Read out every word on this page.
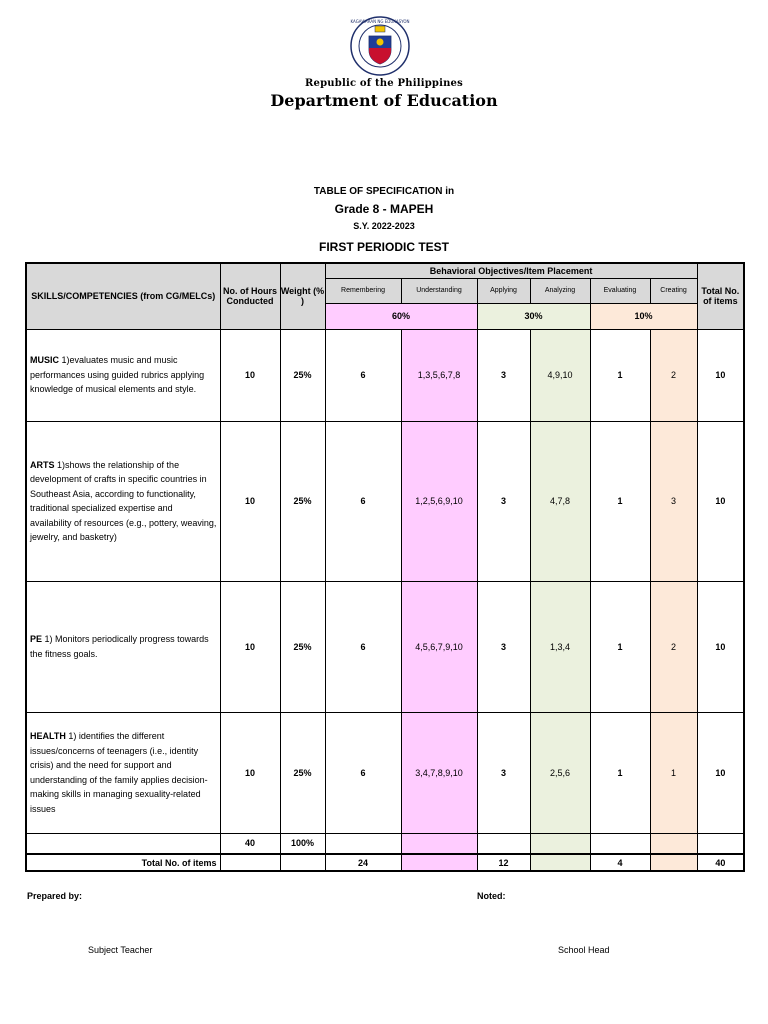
KAGAWARAN NG EDUKASYON
Republic of the Philippines
Department of Education
TABLE OF SPECIFICATION in
Grade 8 - MAPEH
S.Y. 2022-2023
FIRST PERIODIC TEST
SKILLS/COMPETENCIES (from CG/MELCs)	No. of Hours Conducted	Weight (% )	Behavioral Objectives/Item Placement						Total No. of items
			Remembering	Understanding	Applying	Analyzing	Evaluating	Creating	
			60%		30%		10%		
MUSIC 1)evaluates music and music performances using guided rubrics applying knowledge of musical elements and style.	10	25%	6	1,3,5,6,7,8	3	4,9,10	1	2	10
ARTS 1)shows the relationship of the development of crafts in specific countries in Southeast Asia, according to functionality, traditional specialized expertise and availability of resources (e.g., pottery, weaving, jewelry, and basketry)	10	25%	6	1,2,5,6,9,10	3	4,7,8	1	3	10
PE 1) Monitors periodically progress towards the fitness goals.	10	25%	6	4,5,6,7,9,10	3	1,3,4	1	2	10
HEALTH 1) identifies the different issues/concerns of teenagers (i.e., identity crisis) and the need for support and understanding of the family applies decision-making skills in managing sexuality-related issues	10	25%	6	3,4,7,8,9,10	3	2,5,6	1	1	10
	40	100%							
Total No. of items			24		12		4		40
Prepared by:	Noted:
Subject Teacher	School Head
